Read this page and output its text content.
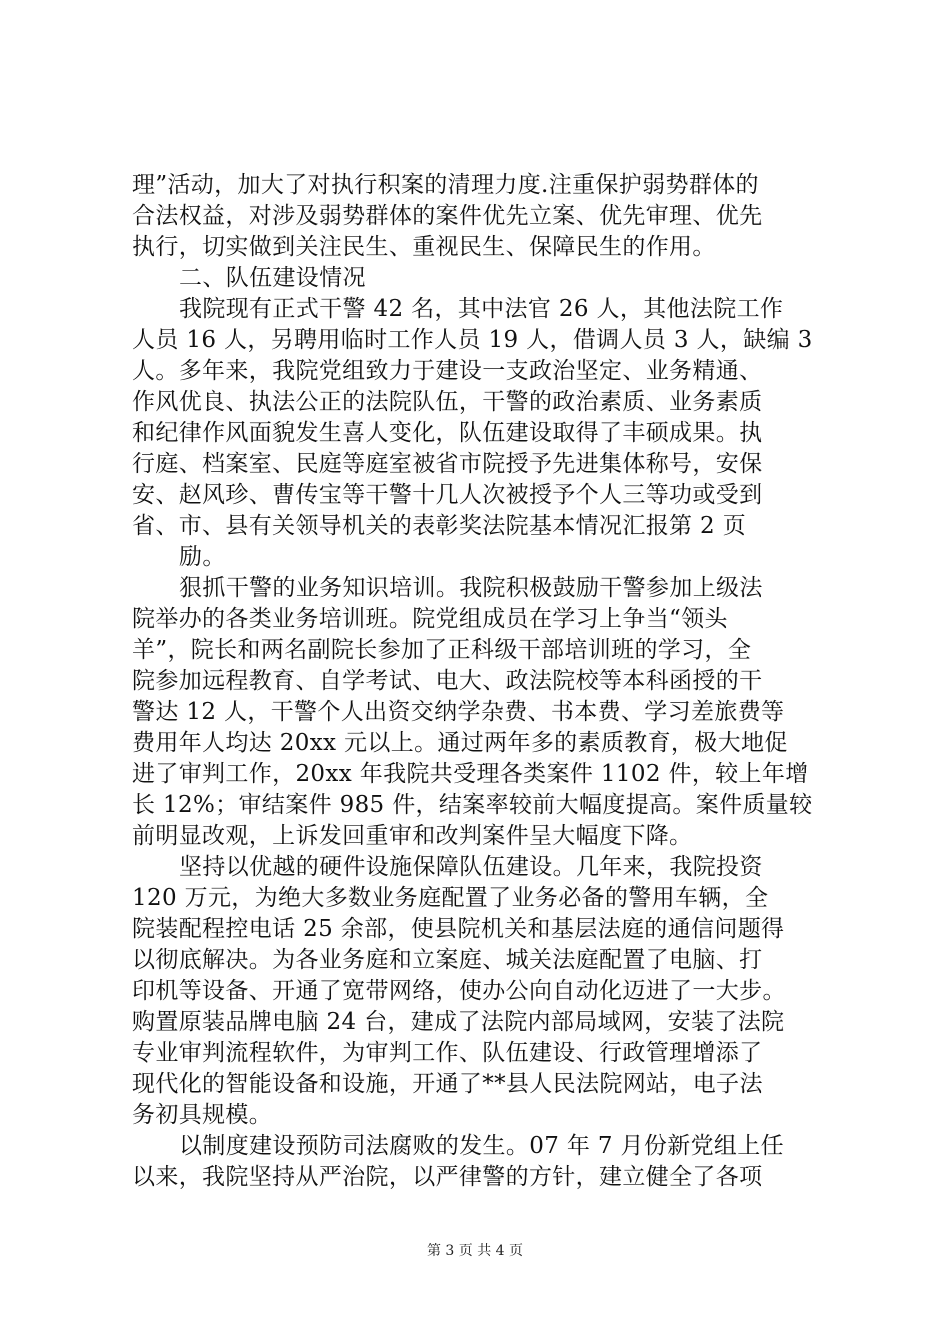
理”活动，加大了对执行积案的清理力度.注重保护弱势群体的
合法权益，对涉及弱势群体的案件优先立案、优先审理、优先
执行，切实做到关注民生、重视民生、保障民生的作用。
二、队伍建设情况
我院现有正式干警 42 名，其中法官 26 人，其他法院工作
人员 16 人，另聘用临时工作人员 19 人，借调人员 3 人，缺编 3
人。多年来，我院党组致力于建设一支政治坚定、业务精通、
作风优良、执法公正的法院队伍，干警的政治素质、业务素质
和纪律作风面貌发生喜人变化，队伍建设取得了丰硕成果。执
行庭、档案室、民庭等庭室被省市院授予先进集体称号，安保
安、赵风珍、曹传宝等干警十几人次被授予个人三等功或受到
省、市、县有关领导机关的表彰奖法院基本情况汇报第 2 页
励。
狠抓干警的业务知识培训。我院积极鼓励干警参加上级法
院举办的各类业务培训班。院党组成员在学习上争当“领头
羊”，院长和两名副院长参加了正科级干部培训班的学习，全
院参加远程教育、自学考试、电大、政法院校等本科函授的干
警达 12 人，干警个人出资交纳学杂费、书本费、学习差旅费等
费用年人均达 20xx 元以上。通过两年多的素质教育，极大地促
进了审判工作，20xx 年我院共受理各类案件 1102 件，较上年增
长 12%；审结案件 985 件，结案率较前大幅度提高。案件质量较
前明显改观，上诉发回重审和改判案件呈大幅度下降。
坚持以优越的硬件设施保障队伍建设。几年来，我院投资
120 万元，为绝大多数业务庭配置了业务必备的警用车辆，全
院装配程控电话 25 余部，使县院机关和基层法庭的通信问题得
以彻底解决。为各业务庭和立案庭、城关法庭配置了电脑、打
印机等设备、开通了宽带网络，使办公向自动化迈进了一大步。
购置原装品牌电脑 24 台，建成了法院内部局域网，安装了法院
专业审判流程软件，为审判工作、队伍建设、行政管理增添了
现代化的智能设备和设施，开通了**县人民法院网站，电子法
务初具规模。
以制度建设预防司法腐败的发生。07 年 7 月份新党组上任
以来，我院坚持从严治院，以严律警的方针，建立健全了各项
第 3 页 共 4 页
